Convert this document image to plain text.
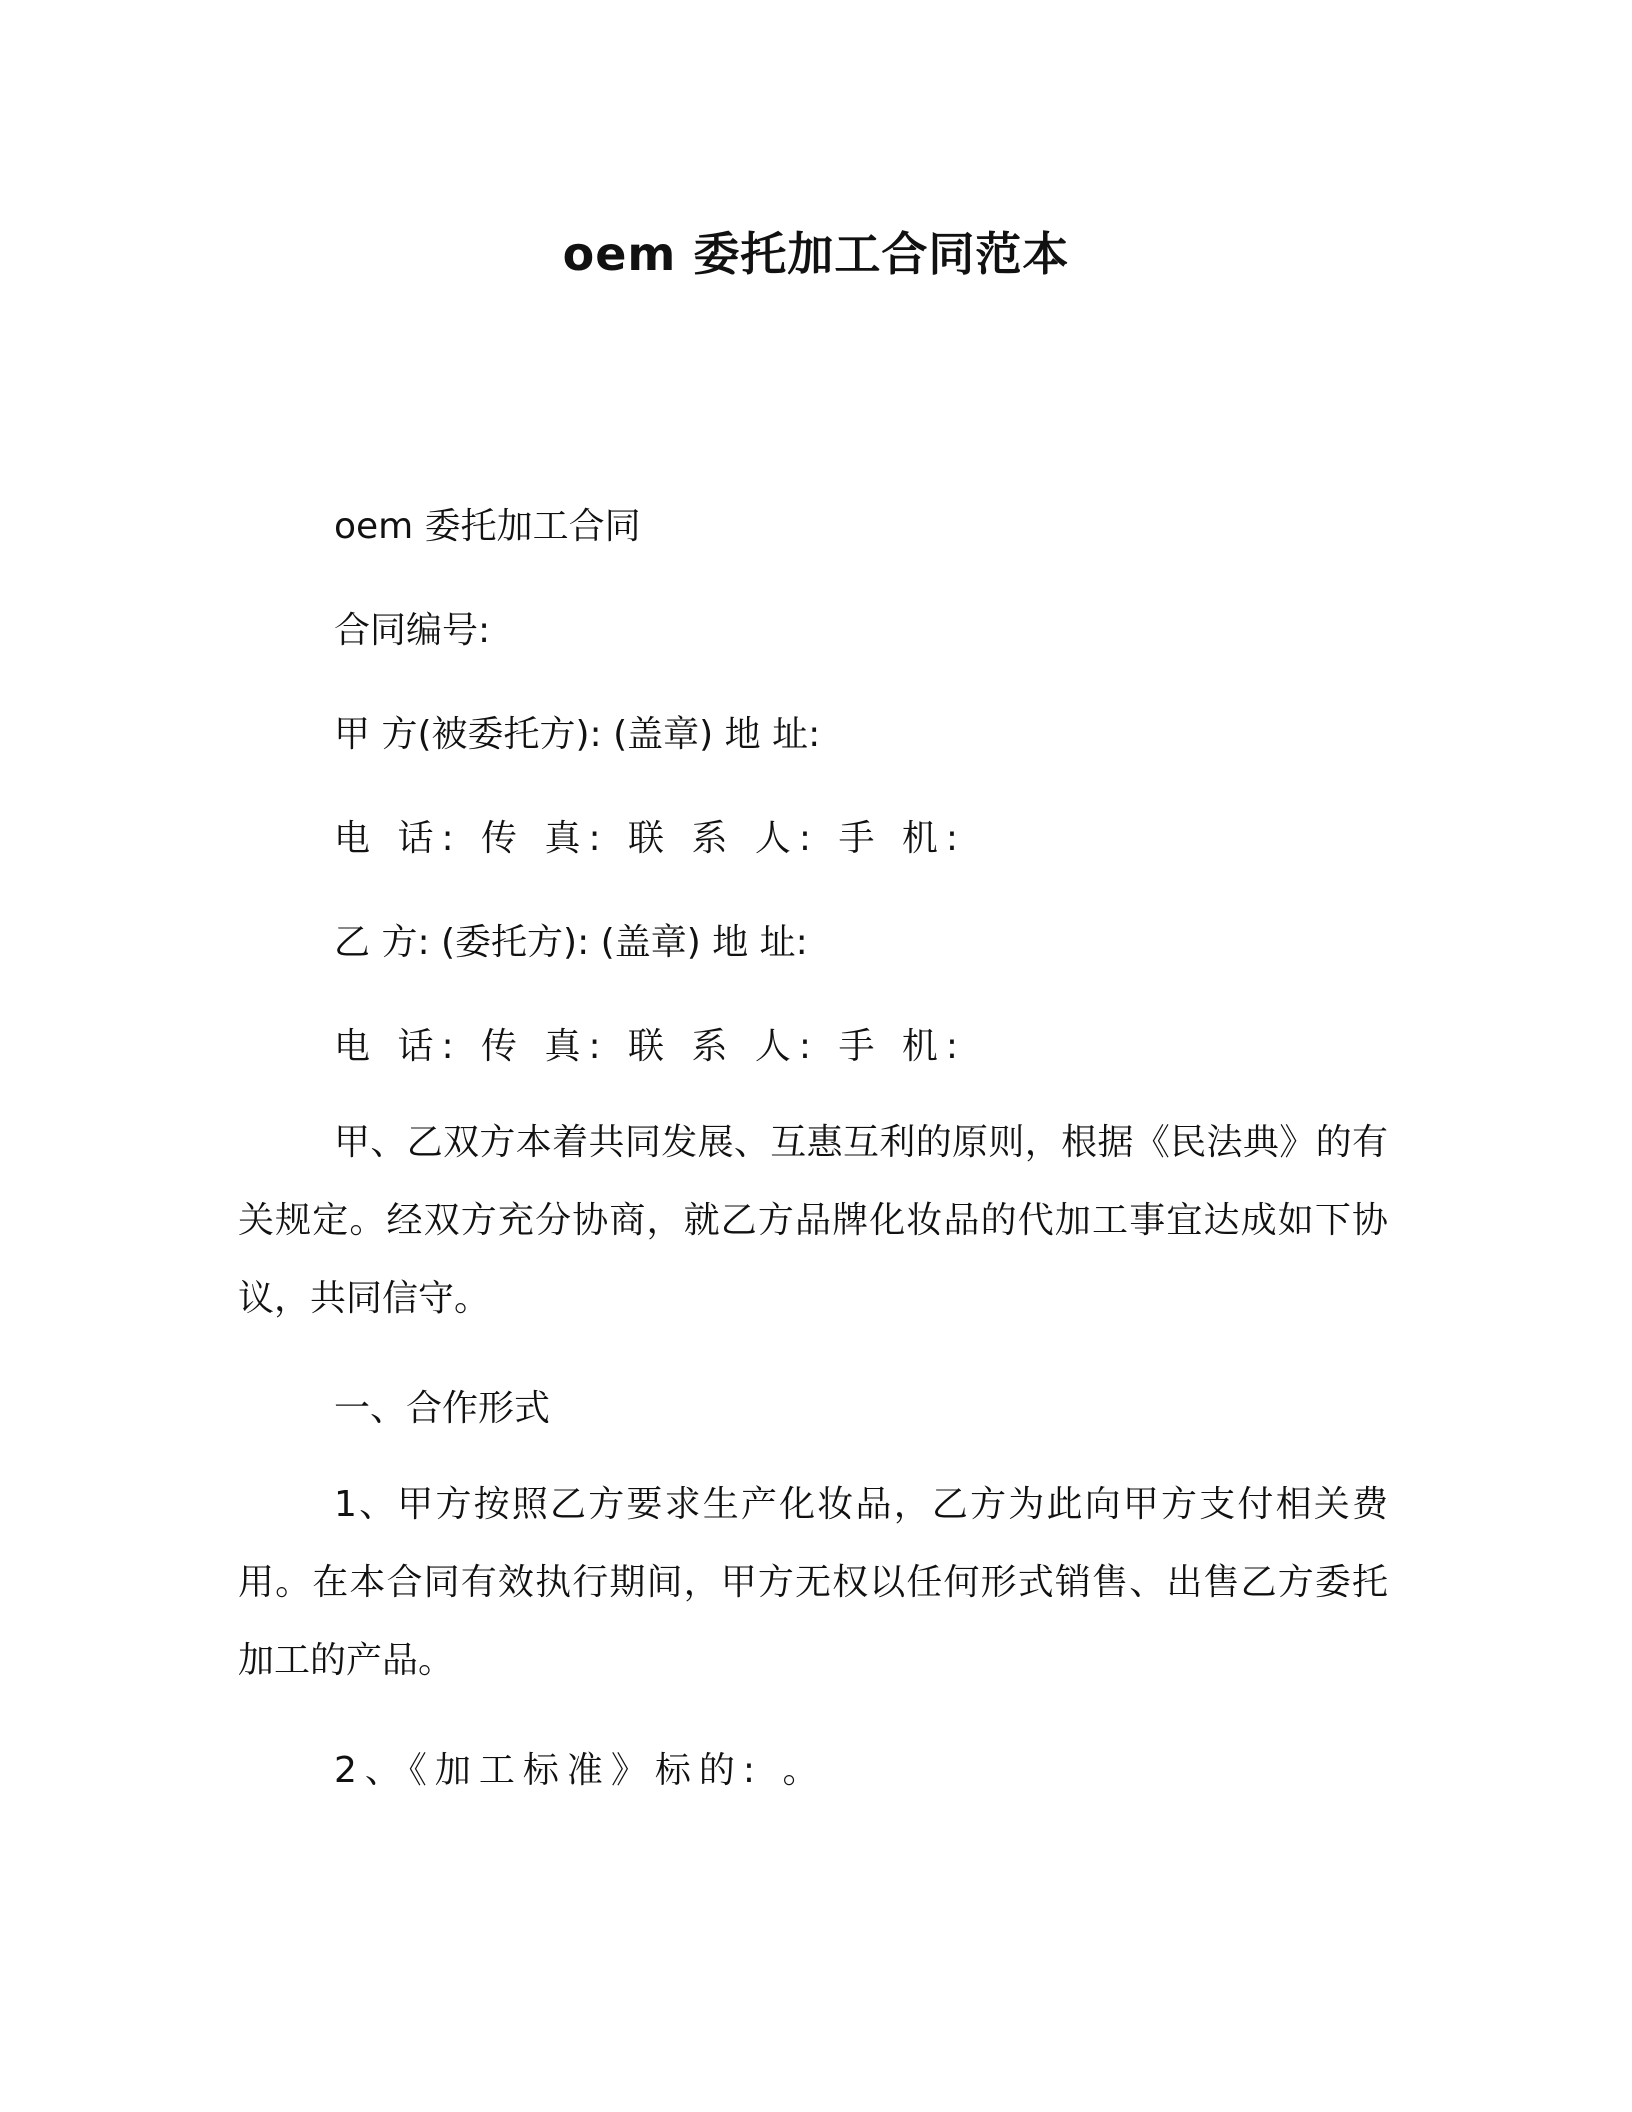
oem 委托加工合同范本
oem 委托加工合同
合同编号:
甲 方(被委托方): (盖章) 地 址:
电 话: 传 真: 联 系 人: 手 机:
乙 方: (委托方): (盖章) 地 址:
电 话: 传 真: 联 系 人: 手 机:
甲、乙双方本着共同发展、互惠互利的原则，根据《民法典》的有关规定。经双方充分协商，就乙方品牌化妆品的代加工事宜达成如下协议，共同信守。
一、合作形式
1、甲方按照乙方要求生产化妆品，乙方为此向甲方支付相关费用。在本合同有效执行期间，甲方无权以任何形式销售、出售乙方委托加工的产品。
2、《加工标准》标的: 。
